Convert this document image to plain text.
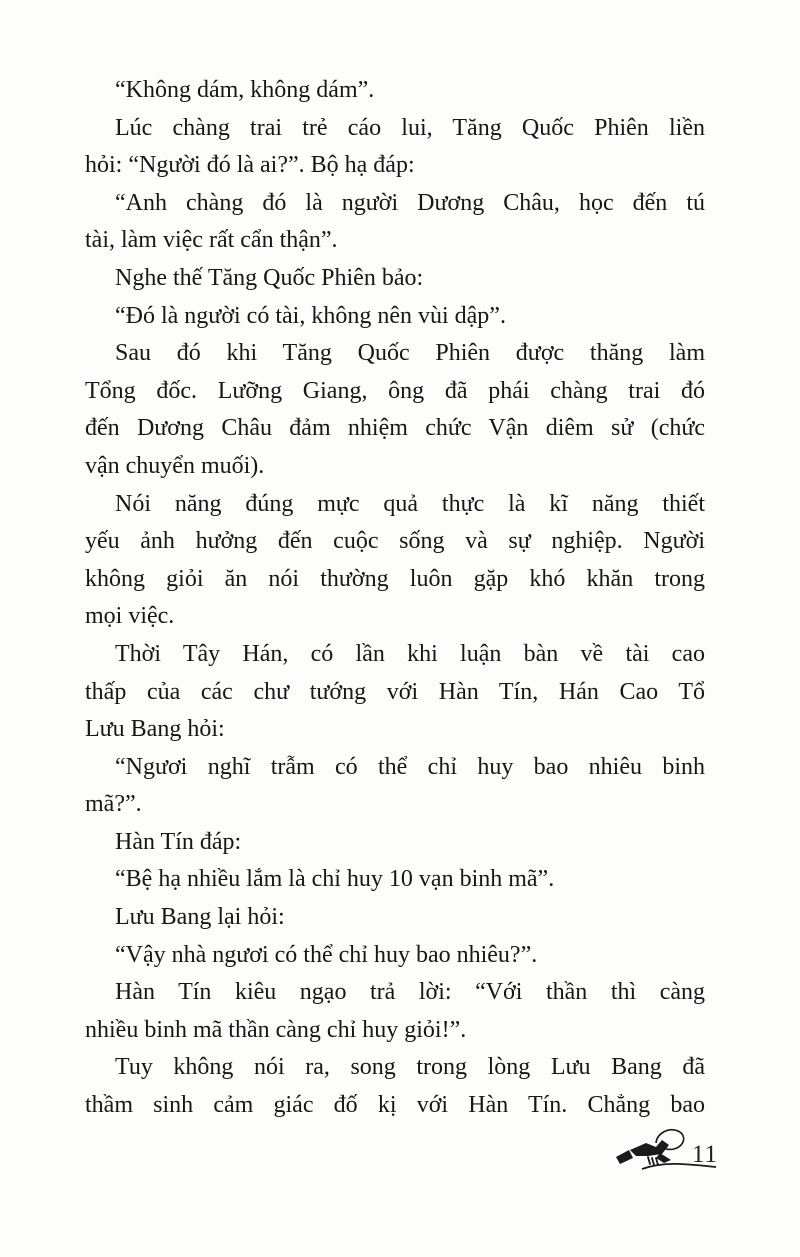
“Không dám, không dám”.
Lúc chàng trai trẻ cáo lui, Tăng Quốc Phiên liền
hỏi: “Người đó là ai?”. Bộ hạ đáp:
“Anh chàng đó là người Dương Châu, học đến tú
tài, làm việc rất cẩn thận”.
Nghe thế Tăng Quốc Phiên bảo:
“Đó là người có tài, không nên vùi dập”.
Sau đó khi Tăng Quốc Phiên được thăng làm
Tổng đốc. Lưỡng Giang, ông đã phái chàng trai đó
đến Dương Châu đảm nhiệm chức Vận diêm sử (chức
vận chuyển muối).
Nói năng đúng mực quả thực là kĩ năng thiết
yếu ảnh hưởng đến cuộc sống và sự nghiệp. Người
không giỏi ăn nói thường luôn gặp khó khăn trong
mọi việc.
Thời Tây Hán, có lần khi luận bàn về tài cao
thấp của các chư tướng với Hàn Tín, Hán Cao Tổ
Lưu Bang hỏi:
“Ngươi nghĩ trẫm có thể chỉ huy bao nhiêu binh
mã?”.
Hàn Tín đáp:
“Bệ hạ nhiều lắm là chỉ huy 10 vạn binh mã”.
Lưu Bang lại hỏi:
“Vậy nhà ngươi có thể chỉ huy bao nhiêu?”.
Hàn Tín kiêu ngạo trả lời: “Với thần thì càng
nhiều binh mã thần càng chỉ huy giỏi!”.
Tuy không nói ra, song trong lòng Lưu Bang đã
thầm sinh cảm giác đố kị với Hàn Tín. Chẳng bao
11
